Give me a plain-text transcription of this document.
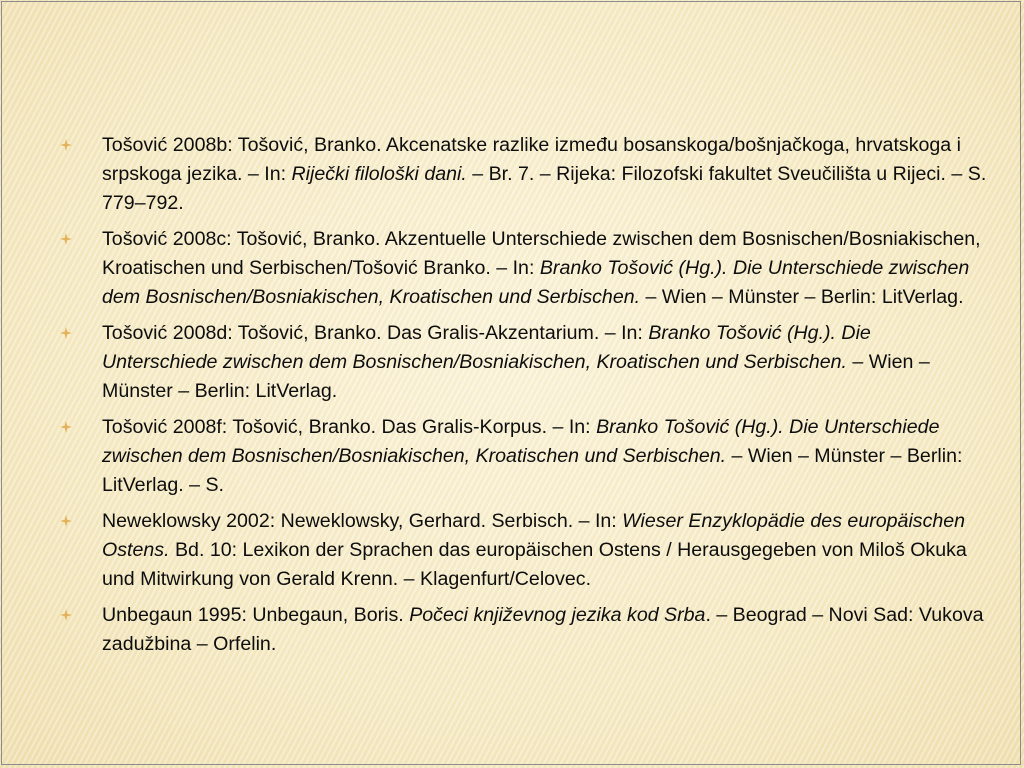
Tošović 2008b: Tošović, Branko. Akcenatske razlike između bosanskoga/bošnjačkoga, hrvatskoga i srpskoga jezika. – In: Riječki filološki dani. – Br. 7. – Rijeka: Filozofski fakultet Sveučilišta u Rijeci. – S. 779–792.
Tošović 2008c: Tošović, Branko. Akzentuelle Unterschiede zwischen dem Bosnischen/Bosniakischen, Kroatischen und Serbischen/Tošović Branko. – In: Branko Tošović (Hg.). Die Unterschiede zwischen dem Bosnischen/Bosniakischen, Kroatischen und Serbischen. – Wien – Münster – Berlin: LitVerlag.
Tošović 2008d: Tošović, Branko. Das Gralis-Akzentarium. – In: Branko Tošović (Hg.). Die Unterschiede zwischen dem Bosnischen/Bosniakischen, Kroatischen und Serbischen. – Wien – Münster – Berlin: LitVerlag.
Tošović 2008f: Tošović, Branko. Das Gralis-Korpus. – In: Branko Tošović (Hg.). Die Unterschiede zwischen dem Bosnischen/Bosniakischen, Kroatischen und Serbischen. – Wien – Münster – Berlin: LitVerlag. – S.
Neweklowsky 2002: Neweklowsky, Gerhard. Serbisch. – In: Wieser Enzyklopädie des europäischen Ostens. Bd. 10: Lexikon der Sprachen das europäischen Ostens / Herausgegeben von Miloš Okuka und Mitwirkung von Gerald Krenn. – Klagenfurt/Celovec.
Unbegaun 1995: Unbegaun, Boris. Počeci književnog jezika kod Srba. – Beograd – Novi Sad: Vukova zadužbina – Orfelin.
